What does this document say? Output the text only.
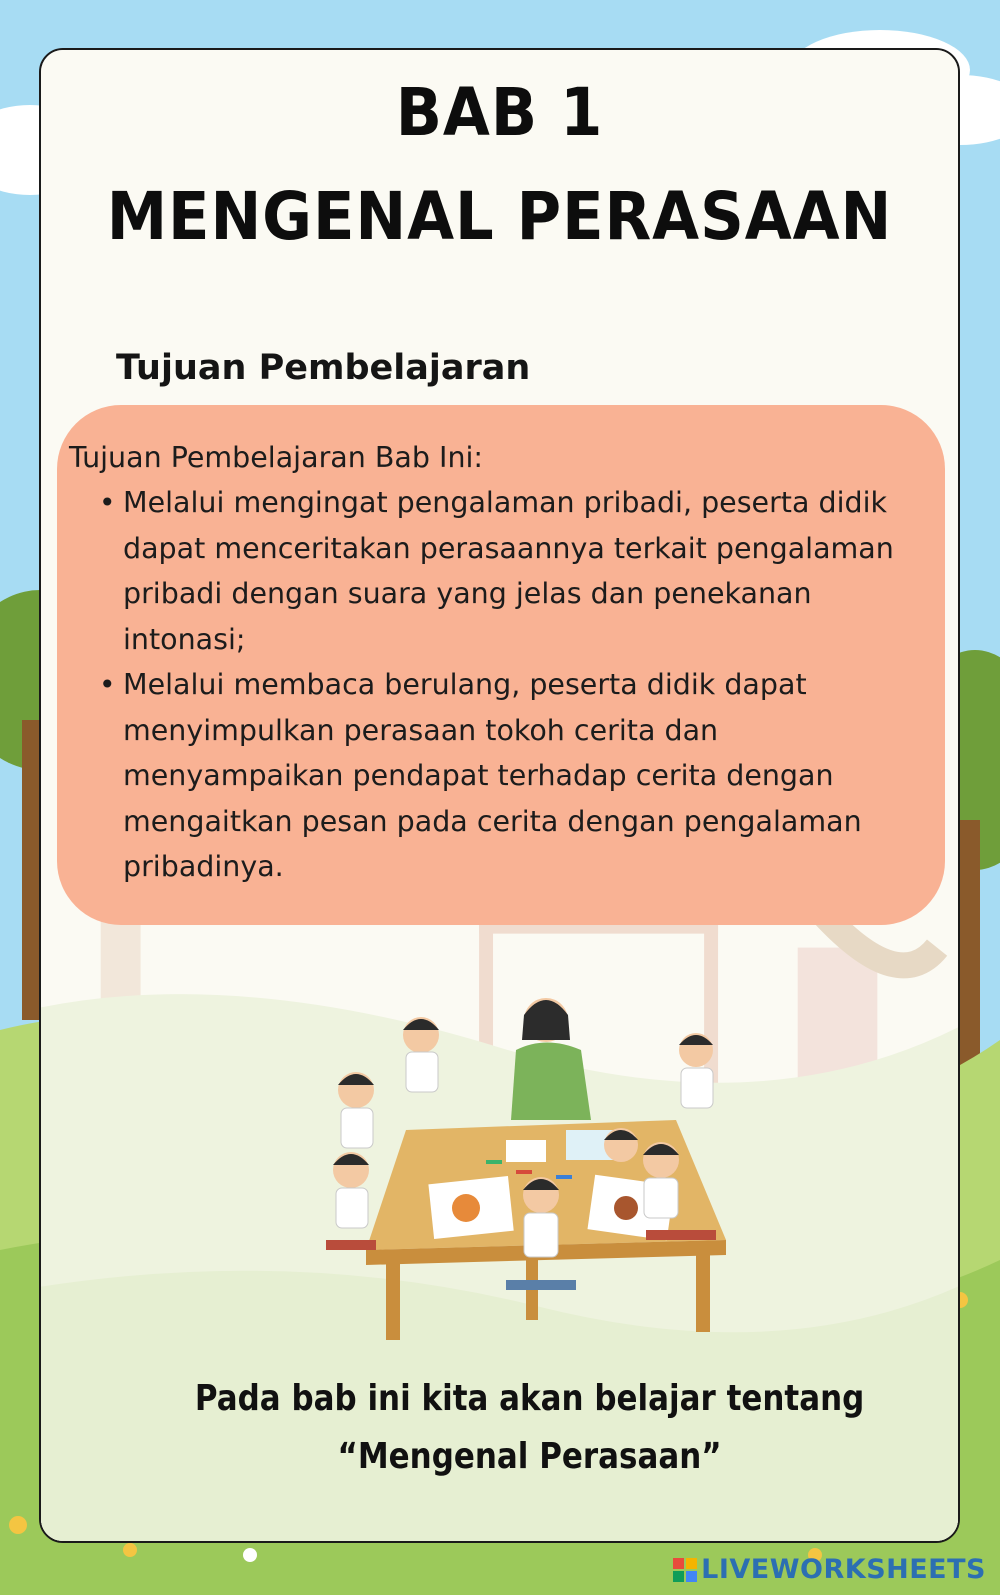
BAB 1
MENGENAL PERASAAN
Tujuan Pembelajaran

Tujuan Pembelajaran Bab Ini:

• Melalui mengingat pengalaman pribadi, peserta didik dapat menceritakan perasaannya terkait pengalaman pribadi dengan suara yang jelas dan penekanan intonasi;
• Melalui membaca berulang, peserta didik dapat menyimpulkan perasaan tokoh cerita dan menyampaikan pendapat terhadap cerita dengan mengaitkan pesan pada cerita dengan pengalaman pribadinya.

Pada bab ini kita akan belajar tentang

“Mengenal Perasaan”

LIVEWORKSHEETS
